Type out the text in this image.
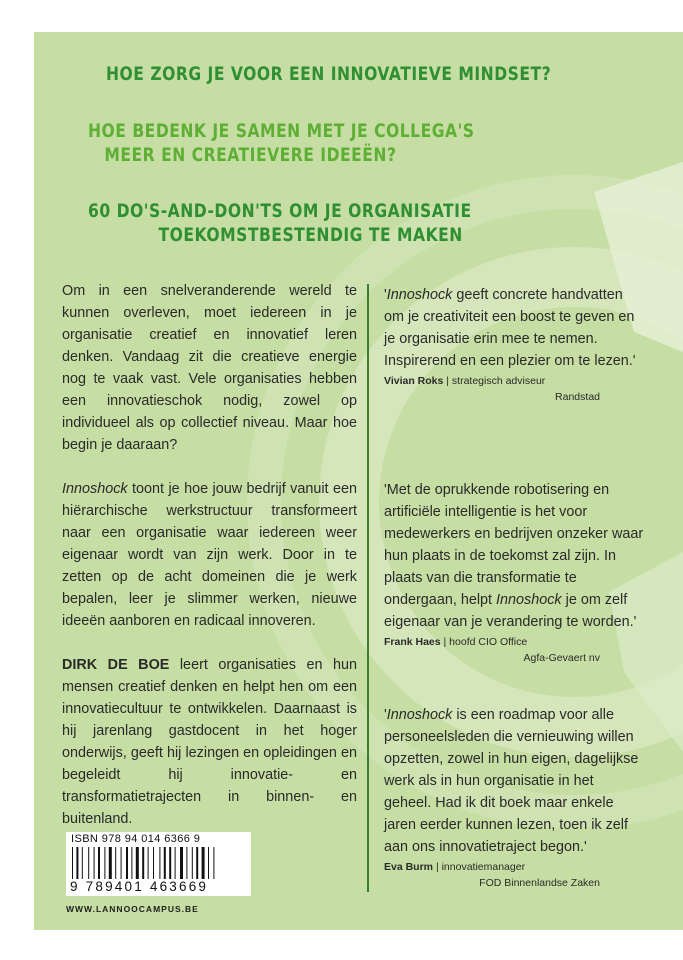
HOE ZORG JE VOOR EEN INNOVATIEVE MINDSET?
HOE BEDENK JE SAMEN MET JE COLLEGA'S
MEER EN CREATIEVERE IDEEËN?
60 DO'S-AND-DON'TS OM JE ORGANISATIE
TOEKOMSTBESTENDIG TE MAKEN

Om in een snelveranderende wereld te kunnen overleven, moet iedereen in je organisatie creatief en innovatief leren denken. Vandaag zit die creatieve energie nog te vaak vast. Vele organisaties hebben een innovatieschok nodig, zowel op individueel als op collectief niveau. Maar hoe begin je daaraan?

Innoshock toont je hoe jouw bedrijf vanuit een hiërarchische werkstructuur transformeert naar een organisatie waar iedereen weer eigenaar wordt van zijn werk. Door in te zetten op de acht domeinen die je werk bepalen, leer je slimmer werken, nieuwe ideeën aanboren en radicaal innoveren.

DIRK DE BOE leert organisaties en hun mensen creatief denken en helpt hen om een innovatiecultuur te ontwikkelen. Daarnaast is hij jarenlang gastdocent in het hoger onderwijs, geeft hij lezingen en opleidingen en begeleidt hij innovatie- en transformatietrajecten in binnen- en buitenland.

'Innoshock geeft concrete handvatten om je creativiteit een boost te geven en je organisatie erin mee te nemen. Inspirerend en een plezier om te lezen.'

Vivian Roks | strategisch adviseur
Randstad

'Met de oprukkende robotisering en artificiële intelligentie is het voor medewerkers en bedrijven onzeker waar hun plaats in de toekomst zal zijn. In plaats van die transformatie te ondergaan, helpt Innoshock je om zelf eigenaar van je verandering te worden.'

Frank Haes | hoofd CIO Office
Agfa-Gevaert nv

'Innoshock is een roadmap voor alle personeelsleden die vernieuwing willen opzetten, zowel in hun eigen, dagelijkse werk als in hun organisatie in het geheel. Had ik dit boek maar enkele jaren eerder kunnen lezen, toen ik zelf aan ons innovatietraject begon.'

Eva Burm | innovatiemanager
FOD Binnenlandse Zaken
ISBN 978 94 014 6366 9
9 789401 463669
WWW.LANNOOCAMPUS.BE
